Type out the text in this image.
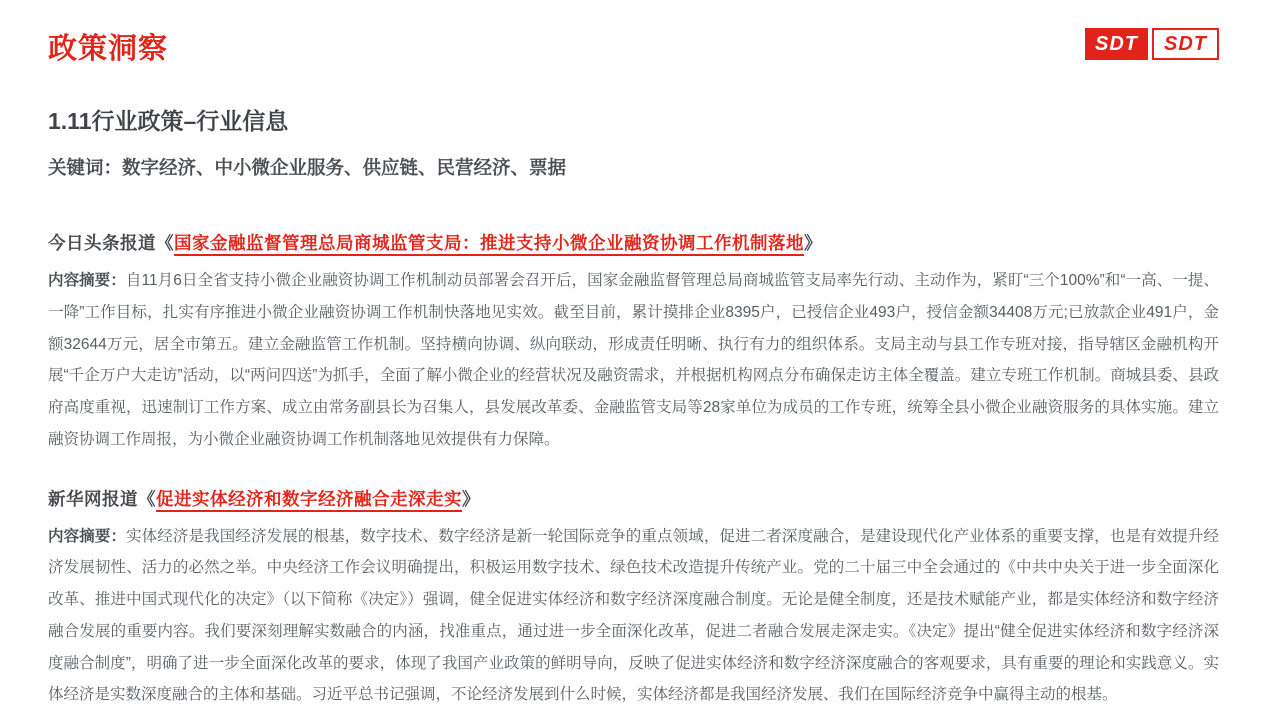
政策洞察	SDT	SDT
1.11行业政策–行业信息
关键词：数字经济、中小微企业服务、供应链、民营经济、票据
今日头条报道《国家金融监督管理总局商城监管支局：推进支持小微企业融资协调工作机制落地》

内容摘要：自11月6日全省支持小微企业融资协调工作机制动员部署会召开后，国家金融监督管理总局商城监管支局率先行动、主动作为，紧盯“三个100%”和“一高、一提、一降”工作目标，扎实有序推进小微企业融资协调工作机制快落地见实效。截至目前，累计摸排企业8395户，已授信企业493户，授信金额34408万元;已放款企业491户，金额32644万元，居全市第五。建立金融监管工作机制。坚持横向协调、纵向联动，形成责任明晰、执行有力的组织体系。支局主动与县工作专班对接，指导辖区金融机构开展“千企万户大走访”活动，以“两问四送”为抓手，全面了解小微企业的经营状况及融资需求，并根据机构网点分布确保走访主体全覆盖。建立专班工作机制。商城县委、县政府高度重视，迅速制订工作方案、成立由常务副县长为召集人，县发展改革委、金融监管支局等28家单位为成员的工作专班，统筹全县小微企业融资服务的具体实施。建立融资协调工作周报，为小微企业融资协调工作机制落地见效提供有力保障。

新华网报道《促进实体经济和数字经济融合走深走实》

内容摘要：实体经济是我国经济发展的根基，数字技术、数字经济是新一轮国际竞争的重点领域，促进二者深度融合，是建设现代化产业体系的重要支撑，也是有效提升经济发展韧性、活力的必然之举。中央经济工作会议明确提出，积极运用数字技术、绿色技术改造提升传统产业。党的二十届三中全会通过的《中共中央关于进一步全面深化改革、推进中国式现代化的决定》（以下简称《决定》）强调，健全促进实体经济和数字经济深度融合制度。无论是健全制度，还是技术赋能产业，都是实体经济和数字经济融合发展的重要内容。我们要深刻理解实数融合的内涵，找准重点，通过进一步全面深化改革，促进二者融合发展走深走实。《决定》提出“健全促进实体经济和数字经济深度融合制度”，明确了进一步全面深化改革的要求，体现了我国产业政策的鲜明导向，反映了促进实体经济和数字经济深度融合的客观要求，具有重要的理论和实践意义。实体经济是实数深度融合的主体和基础。习近平总书记强调，不论经济发展到什么时候，实体经济都是我国经济发展、我们在国际经济竞争中赢得主动的根基。
